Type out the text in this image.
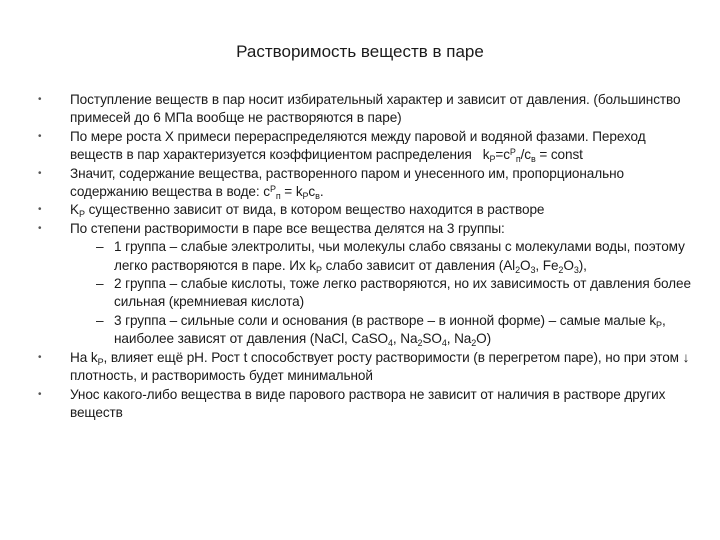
Растворимость веществ в паре
•	Поступление веществ в пар носит избирательный характер и зависит от давления. (большинство примесей до 6 МПа вообще не растворяются в паре)
•	По мере роста Х примеси перераспределяются между паровой и водяной фазами. Переход веществ в пар характеризуется коэффициентом распределения $k_P=c^P_п/c_в$ = const
•	Значит, содержание вещества, растворенного паром и унесенного им, пропорционально содержанию вещества в воде: $c^P_п = k_Pc_в$.
•	$K_P$ существенно зависит от вида, в котором вещество находится в растворе
•	По степени растворимости в паре все вещества делятся на 3 группы:
– 1 группа – слабые электролиты, чьи молекулы слабо связаны с молекулами воды, поэтому легко растворяются в паре. Их $k_P$ слабо зависит от давления ($Al_2O_3$, $Fe_2O_3$),
– 2 группа – слабые кислоты, тоже легко растворяются, но их зависимость от давления более сильная (кремниевая кислота)
– 3 группа – сильные соли и основания (в растворе – в ионной форме) – самые малые $k_P$, наиболее зависят от давления (NaCl, CaSO$_4$, $Na_2SO_4$, $Na_2O$)
•	На $k_P$, влияет ещё pH. Рост t способствует росту растворимости (в перегретом паре), но при этом ↓ плотность, и растворимость будет минимальной
•	Унос какого-либо вещества в виде парового раствора не зависит от наличия в растворе других веществ
